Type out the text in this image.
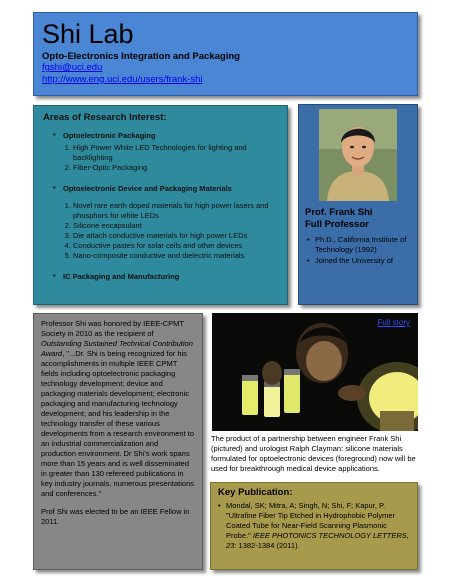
Shi Lab
Opto-Electronics Integration and Packaging
fgshi@uci.edu
http://www.eng.uci.edu/users/frank-shi
Areas of Research Interest:
• Optoelectronic Packaging
1. High Power White LED Technologies for lighting and backlighting
2. Fiber-Optic Packaging
• Optoelectronic Device and Packaging Materials
1. Novel rare earth doped materials for high power lasers and phosphors for white LEDs
2. Silicone encapsulant
3. Die attach conductive materials for high power LEDs
4. Conductive pastes for solar cells and other devices
5. Nano-composite conductive and dielectric materials
• IC Packaging and Manufacturing
Prof. Frank Shi
Full Professor
• Ph.D., California Institute of Technology (1992)
• Joined the University of

Professor Shi was honored by IEEE-CPMT Society in 2010 as the recipient of Outstanding Sustained Technical Contribution Award, "...Dr. Shi is being recognized for his accomplishments in multiple IEEE CPMT fields including optoelectronic packaging technology development; device and packaging materials development; electronic packaging and manufacturing technology development; and his leadership in the technology transfer of these various developments from a research environment to an industrial commercialization and production environment. Dr Shi's work spans more than 15 years and is well disseminated in greater than 130 refereed publications in key industry journals, numerous presentations and conferences."

Prof Shi was elected to be an IEEE Fellow in 2011.

Full story
The product of a partnership between engineer Frank Shi (pictured) and urologist Ralph Clayman: silicone materials formulated for optoelectronic devices (foreground) now will be used for breakthrough medical device applications.
Key Publication:
• Mondal, SK; Mitra, A; Singh, N; Shi, F; Kapur, P. "Ultrafine Fiber Tip Etched in Hydrophobic Polymer Coated Tube for Near-Field Scanning Plasmonic Probe." IEEE PHOTONICS TECHNOLOGY LETTERS, 23: 1382-1384 (2011).
